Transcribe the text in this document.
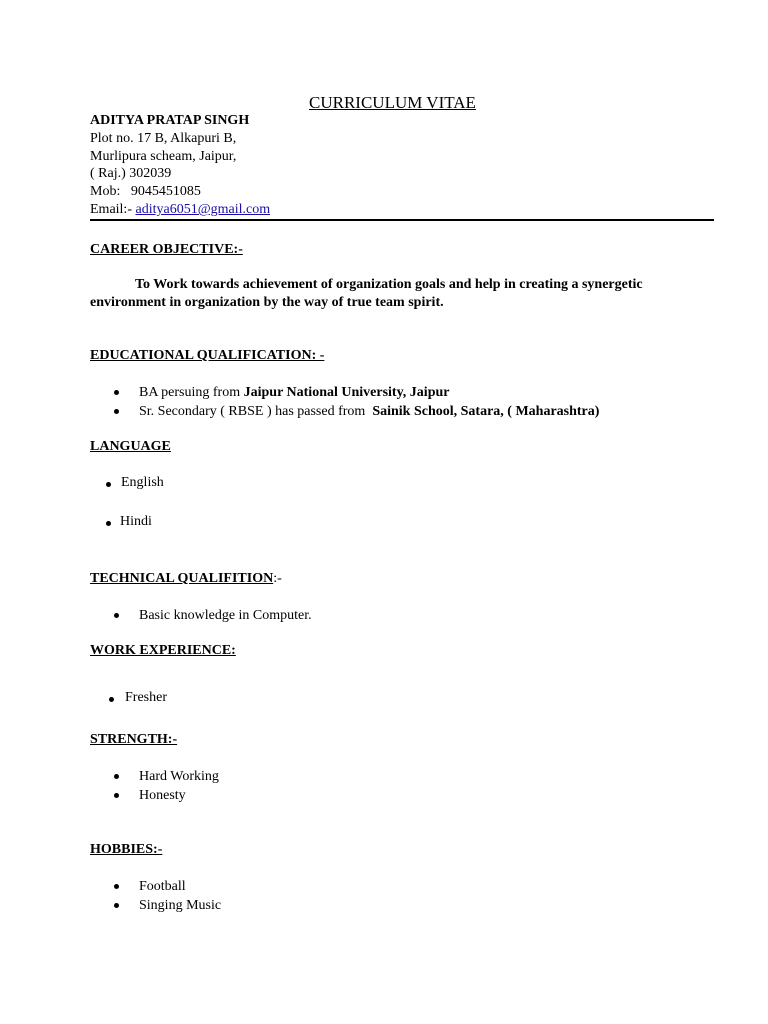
CURRICULUM VITAE
ADITYA PRATAP SINGH
Plot no. 17 B, Alkapuri B,
Murlipura scheam, Jaipur,
( Raj.) 302039
Mob: 9045451085
Email:- aditya6051@gmail.com
CAREER OBJECTIVE:-
To Work towards achievement of organization goals and help in creating a synergetic
environment in organization by the way of true team spirit.
EDUCATIONAL QUALIFICATION: -
BA persuing from Jaipur National University, Jaipur
Sr. Secondary ( RBSE ) has passed from  Sainik School, Satara, ( Maharashtra)
LANGUAGE
English
Hindi
TECHNICAL QUALIFITION:-
Basic knowledge in Computer.
WORK EXPERIENCE:
Fresher
STRENGTH:-
Hard Working
Honesty
HOBBIES:-
Football
Singing Music
